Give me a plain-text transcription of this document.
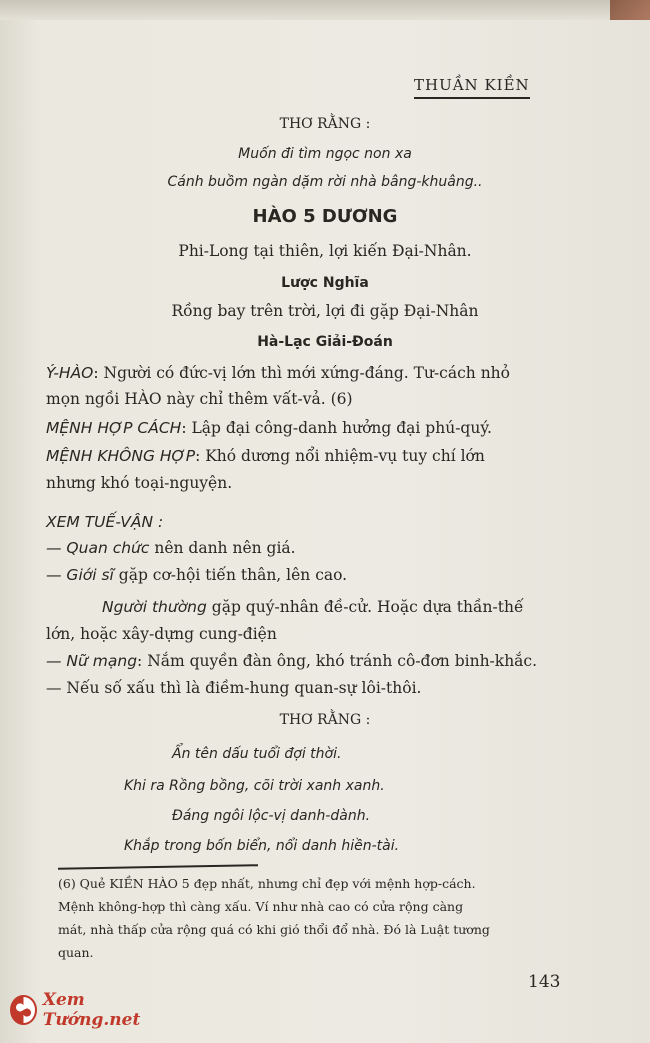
THUẦN KIỀN
THƠ RẰNG :
Muốn đi tìm ngọc non xa
Cánh buồm ngàn dặm rời nhà bâng-khuâng..
HÀO 5 DƯƠNG
Phi-Long tại thiên, lợi kiến Đại-Nhân.
Lược Nghĩa
Rồng bay trên trời, lợi đi gặp Đại-Nhân
Hà-Lạc Giải-Đoán
Ý-HÀO: Người có đức-vị lớn thì mới xứng-đáng. Tư-cách nhỏ
mọn ngồi HÀO này chỉ thêm vất-vả. (6)
MỆNH HỢP CÁCH: Lập đại công-danh hưởng đại phú-quý.
MỆNH KHÔNG HỢP: Khó dương nổi nhiệm-vụ tuy chí lớn
nhưng khó toại-nguyện.
XEM TUẾ-VẬN :
— Quan chức nên danh nên giá.
— Giới sĩ gặp cơ-hội tiến thân, lên cao.
Người thường gặp quý-nhân đề-cử. Hoặc dựa thần-thế
lớn, hoặc xây-dựng cung-điện
— Nữ mạng: Nắm quyền đàn ông, khó tránh cô-đơn binh-khắc.
— Nếu số xấu thì là điềm-hung quan-sự lôi-thôi.
THƠ RẰNG :
Ẩn tên dấu tuổi đợi thời.
Khi ra Rồng bồng, cõi trời xanh xanh.
Đáng ngôi lộc-vị danh-dành.
Khắp trong bốn biển, nổi danh hiền-tài.
(6) Quẻ KIỀN HÀO 5 đẹp nhất, nhưng chỉ đẹp với mệnh hợp-cách.
Mệnh không-hợp thì càng xấu. Ví như nhà cao có cửa rộng càng
mát, nhà thấp cửa rộng quá có khi gió thổi đổ nhà. Đó là Luật tương
quan.
143
Xem Tướng.net
